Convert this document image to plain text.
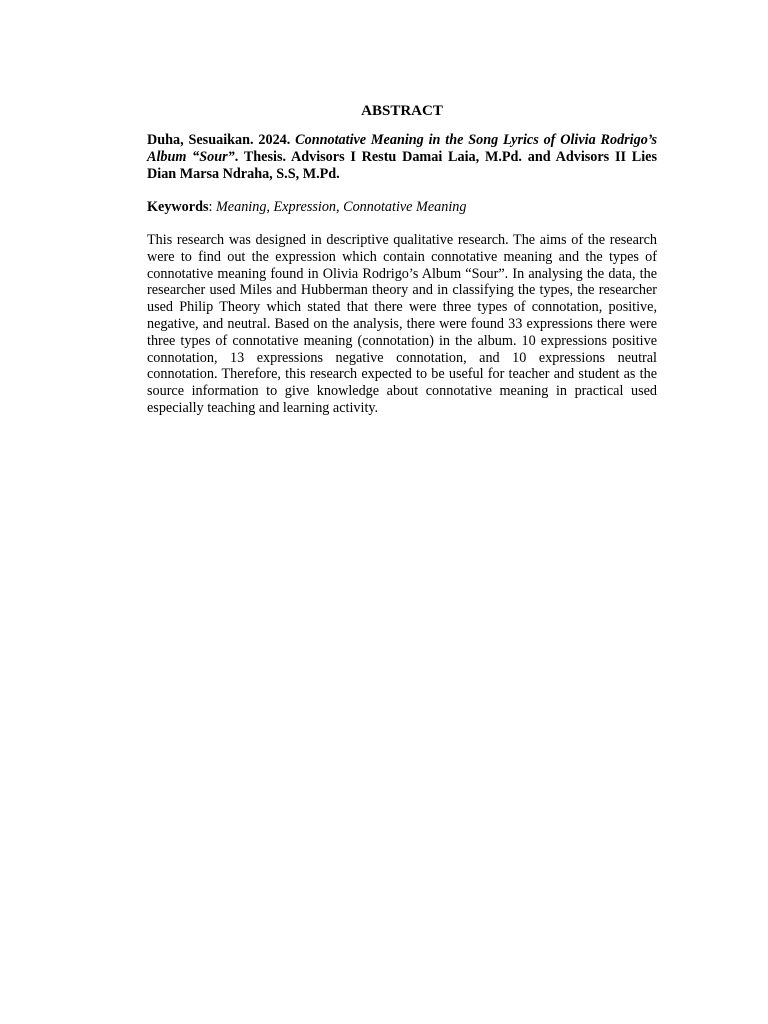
ABSTRACT

Duha, Sesuaikan. 2024. Connotative Meaning in the Song Lyrics of Olivia Rodrigo’s Album “Sour”. Thesis. Advisors I Restu Damai Laia, M.Pd. and Advisors II Lies Dian Marsa Ndraha, S.S, M.Pd.

Keywords: Meaning, Expression, Connotative Meaning

This research was designed in descriptive qualitative research. The aims of the research were to find out the expression which contain connotative meaning and the types of connotative meaning found in Olivia Rodrigo’s Album “Sour”. In analysing the data, the researcher used Miles and Hubberman theory and in classifying the types, the researcher used Philip Theory which stated that there were three types of connotation, positive, negative, and neutral. Based on the analysis, there were found 33 expressions there were three types of connotative meaning (connotation) in the album. 10 expressions positive connotation, 13 expressions negative connotation, and 10 expressions neutral connotation. Therefore, this research expected to be useful for teacher and student as the source information to give knowledge about connotative meaning in practical used especially teaching and learning activity.
